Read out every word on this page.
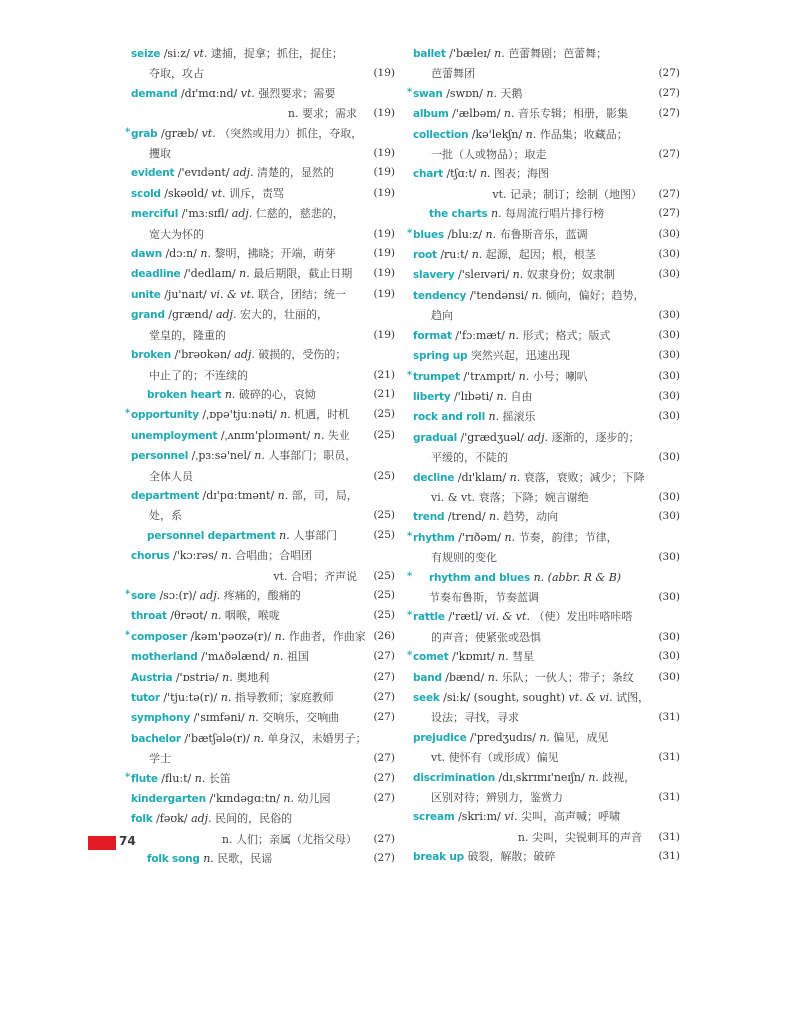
seize /siːz/ vt. 逮捕，捉拿；抓住，捉住；
夺取，攻占	(19)
demand /dɪ'mɑːnd/ vt. 强烈要求；需要
n. 要求；需求 (19)
* grab /græb/ vt. （突然或用力）抓住，夺取，
攫取	(19)
evident /'evɪdənt/ adj. 清楚的，显然的	(19)
scold /skəʊld/ vt. 训斥，责骂	(19)
merciful /'mɜːsɪfl/ adj. 仁慈的，慈悲的，
宽大为怀的	(19)
dawn /dɔːn/ n. 黎明，拂晓；开端，萌芽	(19)
deadline /'dedlaɪn/ n. 最后期限，截止日期 (19)
unite /ju'naɪt/ vi. & vt. 联合，团结；统一	(19)
grand /grænd/ adj. 宏大的，壮丽的，
堂皇的，隆重的	(19)
broken /'brəʊkən/ adj. 破损的，受伤的；
中止了的；不连续的	(21)
broken heart n. 破碎的心，哀恸	(21)
* opportunity /ˌɒpə'tjuːnəti/ n. 机遇，时机 (25)
unemployment /ˌʌnɪm'plɔɪmənt/ n. 失业 (25)
personnel /ˌpɜːsə'nel/ n. 人事部门；职员，
全体人员	(25)
department /dɪ'pɑːtmənt/ n. 部，司，局，
处，系	(25)
personnel department n. 人事部门	(25)
chorus /'kɔːrəs/ n. 合唱曲；合唱团
vt. 合唱；齐声说 (25)
* sore /sɔː(r)/ adj. 疼痛的，酸痛的	(25)
throat /θrəʊt/ n. 咽喉，喉咙	(25)
* composer /kəm'pəʊzə(r)/ n. 作曲者，作曲家 (26)
motherland /'mʌðəlænd/ n. 祖国	(27)
Austria /'ɒstriə/ n. 奥地利	(27)
tutor /'tjuːtə(r)/ n. 指导教师；家庭教师	(27)
symphony /'sɪmfəni/ n. 交响乐，交响曲	(27)
bachelor /'bætʃələ(r)/ n. 单身汉，未婚男子；
学士	(27)
* flute /fluːt/ n. 长笛	(27)
kindergarten /'kɪndəgɑːtn/ n. 幼儿园	(27)
folk /fəʊk/ adj. 民间的，民俗的
n. 人们；亲属（尤指父母） (27)
folk song n. 民歌，民谣	(27)
ballet /'bæleɪ/ n. 芭蕾舞剧；芭蕾舞；
芭蕾舞团	(27)
* swan /swɒn/ n. 天鹅	(27)
album /'ælbəm/ n. 音乐专辑；相册，影集	(27)
collection /kə'lekʃn/ n. 作品集；收藏品；
一批（人或物品）；取走	(27)
chart /tʃɑːt/ n. 图表；海图
vt. 记录；制订；绘制（地图） (27)
the charts n. 每周流行唱片排行榜	(27)
* blues /bluːz/ n. 布鲁斯音乐，蓝调	(30)
root /ruːt/ n. 起源，起因；根，根茎	(30)
slavery /'sleɪvəri/ n. 奴隶身份；奴隶制	(30)
tendency /'tendənsi/ n. 倾向，偏好；趋势，
趋向	(30)
format /'fɔːmæt/ n. 形式；格式；版式	(30)
spring up 突然兴起，迅速出现	(30)
* trumpet /'trʌmpɪt/ n. 小号；喇叭	(30)
liberty /'lɪbəti/ n. 自由	(30)
rock and roll n. 摇滚乐	(30)
gradual /'grædʒuəl/ adj. 逐渐的，逐步的；
平缓的，不陡的	(30)
decline /dɪ'klaɪn/ n. 衰落，衰败；减少；下降
vi. & vt. 衰落；下降；婉言谢绝	(30)
trend /trend/ n. 趋势，动向	(30)
* rhythm /'rɪðəm/ n. 节奏，韵律；节律，
有规则的变化	(30)
* rhythm and blues n. (abbr. R & B)
节奏布鲁斯，节奏蓝调	(30)
* rattle /'rætl/ vi. & vt. （使）发出咔嗒咔嗒
的声音；使紧张或恐惧	(30)
* comet /'kɒmɪt/ n. 彗星	(30)
band /bænd/ n. 乐队；一伙人；带子；条纹 (30)
seek /siːk/ (sought, sought) vt. & vi. 试图，
设法；寻找，寻求	(31)
prejudice /'predʒudɪs/ n. 偏见，成见
vt. 使怀有（或形成）偏见	(31)
discrimination /dɪˌskrɪmɪ'neɪʃn/ n. 歧视，
区别对待；辨别力，鉴赏力	(31)
scream /skriːm/ vi. 尖叫，高声喊；呼啸
n. 尖叫，尖锐刺耳的声音 (31)
break up 破裂，解散；破碎	(31)
74
